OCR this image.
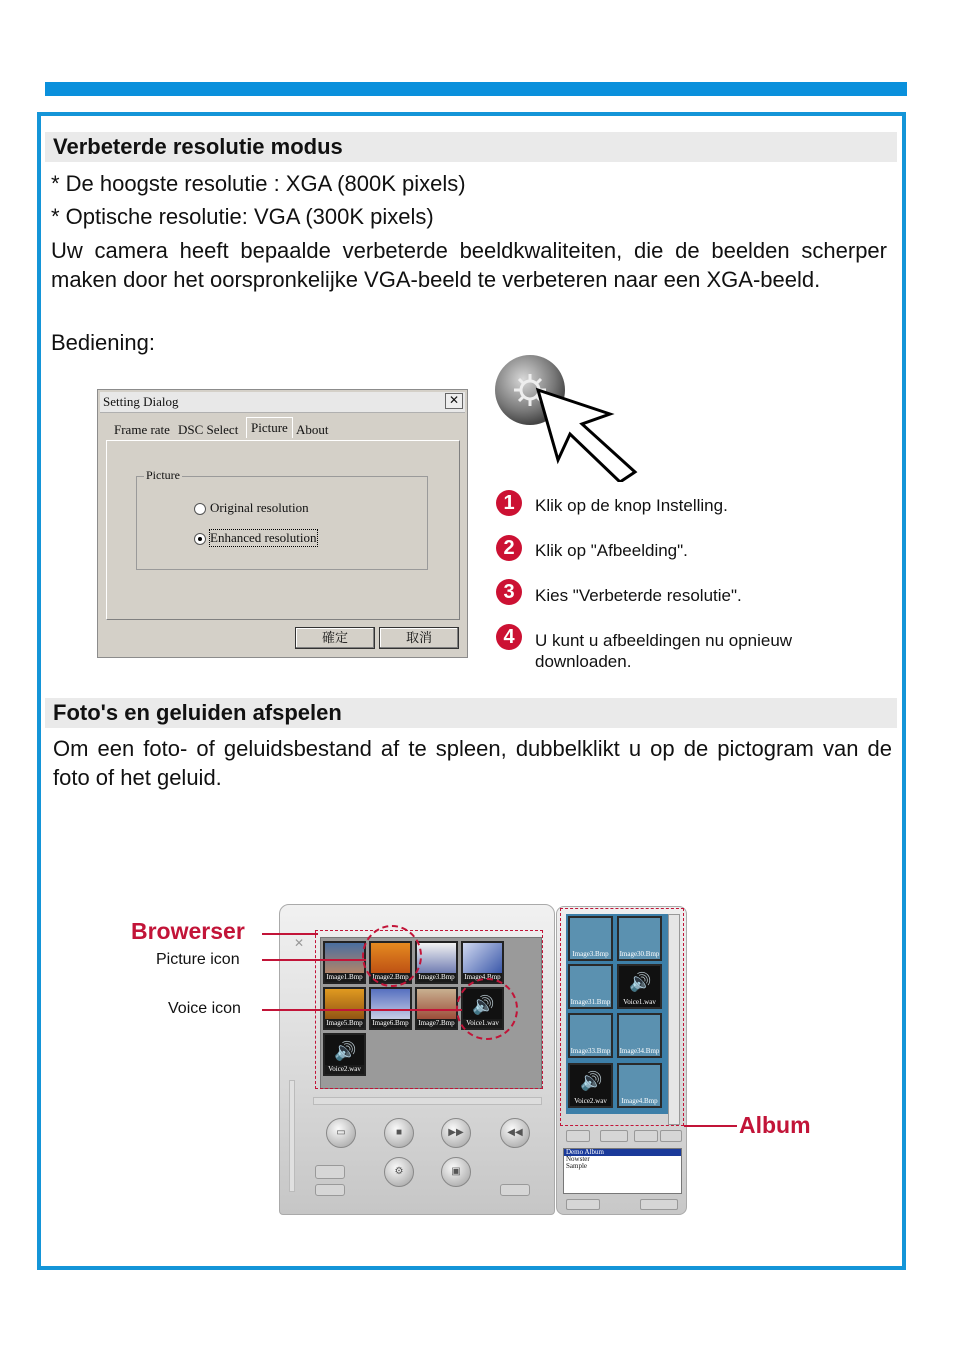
Verbeterde resolutie modus
* De hoogste resolutie : XGA (800K pixels)
* Optische resolutie: VGA (300K pixels)
Uw camera heeft bepaalde verbeterde beeldkwaliteiten, die de beelden scherper maken door het oorspronkelijke VGA-beeld te verbeteren naar een XGA-beeld.
Bediening:
Setting Dialog	✕
Frame rate DSC Select Picture About
Picture
Original resolution
Enhanced resolution
確定	取消
1	Klik op de knop Instelling.
2	Klik op "Afbeelding".
3	Kies "Verbeterde resolutie".
4	U kunt u afbeeldingen nu opnieuw downloaden.
Foto's en geluiden afspelen
Om een foto- of geluidsbestand af te spleen, dubbelklikt u op de pictogram van de foto of het geluid.
✕
Image1.Bmp Image2.Bmp Image3.Bmp Image4.Bmp
Image5.Bmp Image6.Bmp Image7.Bmp
🔊
Voice1.wav
🔊
Voice2.wav
▭	■	▶▶	◀◀
⚙	▣
Image3.Bmp	Image30.Bmp
Image31.Bmp
🔊
Voice1.wav
Image33.Bmp Image34.Bmp
🔊
Voice2.wav	Image4.Bmp
Demo Album
Nowster
Sample
Browerser
Picture icon
Voice icon
Album
